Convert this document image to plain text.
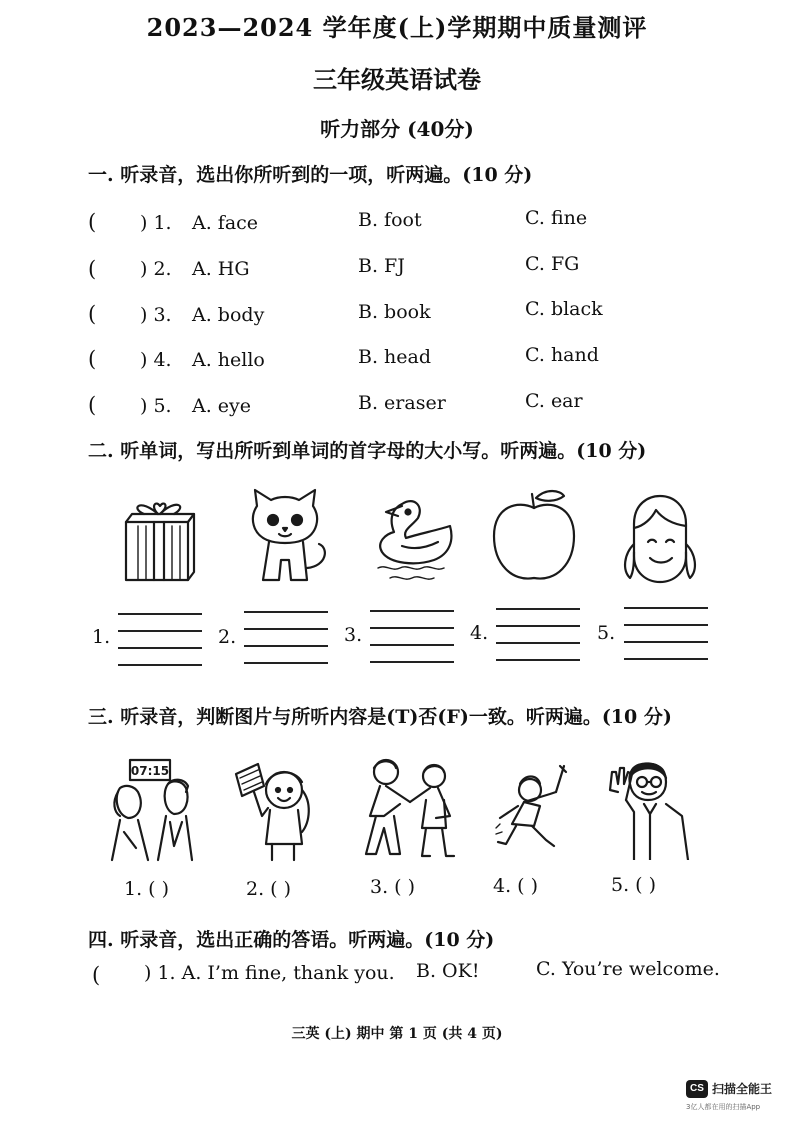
2023—2024 学年度(上)学期期中质量测评
三年级英语试卷
听力部分 (40分)
一. 听录音，选出你所听到的一项，听两遍。(10 分)
( ) 1. A. face	B. foot	C. fine
( ) 2. A. HG	B. FJ	C. FG
( ) 3. A. body	B. book	C. black
( ) 4. A. hello	B. head	C. hand
( ) 5. A. eye	B. eraser	C. ear
二. 听单词，写出所听到单词的首字母的大小写。听两遍。(10 分)
1.	2.	3.	4.	5.
三. 听录音，判断图片与所听内容是(T)否(F)一致。听两遍。(10 分)
07:15
1. ( )	2. ( )	3. ( )	4. ( )	5. ( )
四. 听录音，选出正确的答语。听两遍。(10 分)
( ) 1. A. I’m fine, thank you. B. OK!	C. You’re welcome.
三英 (上) 期中 第 1 页 (共 4 页)
CS 扫描全能王
3亿人都在用的扫描App
